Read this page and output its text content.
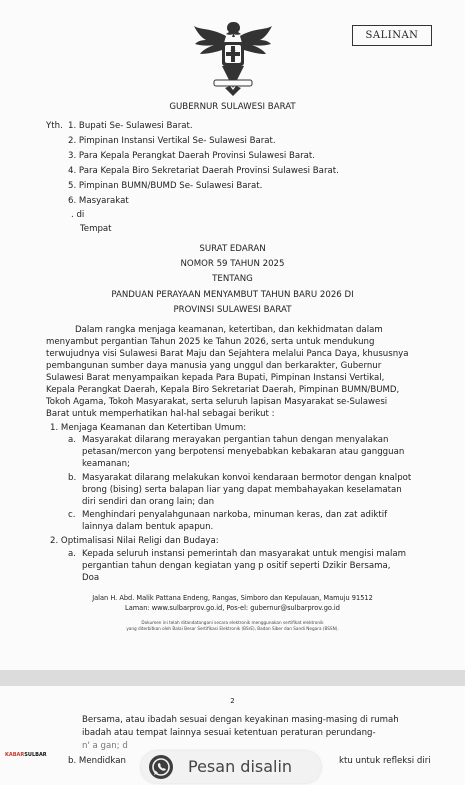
SALINAN
GUBERNUR SULAWESI BARAT
Yth. 1. Bupati Se- Sulawesi Barat.
2. Pimpinan Instansi Vertikal Se- Sulawesi Barat.
3. Para Kepala Perangkat Daerah Provinsi Sulawesi Barat.
4. Para Kepala Biro Sekretariat Daerah Provinsi Sulawesi Barat.
5. Pimpinan BUMN/BUMD Se- Sulawesi Barat.
6. Masyarakat
. di
Tempat
SURAT EDARAN
NOMOR 59 TAHUN 2025
TENTANG
PANDUAN PERAYAAN MENYAMBUT TAHUN BARU 2026 DI
PROVINSI SULAWESI BARAT
Dalam rangka menjaga keamanan, ketertiban, dan kekhidmatan dalam
menyambut pergantian Tahun 2025 ke Tahun 2026, serta untuk mendukung
terwujudnya visi Sulawesi Barat Maju dan Sejahtera melalui Panca Daya, khususnya
pembangunan sumber daya manusia yang unggul dan berkarakter, Gubernur
Sulawesi Barat menyampaikan kepada Para Bupati, Pimpinan Instansi Vertikal,
Kepala Perangkat Daerah, Kepala Biro Sekretariat Daerah, Pimpinan BUMN/BUMD,
Tokoh Agama, Tokoh Masyarakat, serta seluruh lapisan Masyarakat se-Sulawesi
Barat untuk memperhatikan hal-hal sebagai berikut :
1. Menjaga Keamanan dan Ketertiban Umum:
a. Masyarakat dilarang merayakan pergantian tahun dengan menyalakan
petasan/mercon yang berpotensi menyebabkan kebakaran atau gangguan
keamanan;
b. Masyarakat dilarang melakukan konvoi kendaraan bermotor dengan knalpot
brong (bising) serta balapan liar yang dapat membahayakan keselamatan
diri sendiri dan orang lain; dan
c. Menghindari penyalahgunaan narkoba, minuman keras, dan zat adiktif
lainnya dalam bentuk apapun.
2. Optimalisasi Nilai Religi dan Budaya:
a. Kepada seluruh instansi pemerintah dan masyarakat untuk mengisi malam
pergantian tahun dengan kegiatan yang p ositif seperti Dzikir Bersama,
Doa
Jalan H. Abd. Malik Pattana Endeng, Rangas, Simboro dan Kepulauan, Mamuju 91512
Laman: www.sulbarprov.go.id, Pos-el: gubernur@sulbarprov.go.id
Dokumen ini telah ditandatangani secara elektronik menggunakan sertifikat elektronik
yang diterbitkan oleh Balai Besar Sertifikasi Elektronik (BSrE), Badan Siber dan Sandi Negara (BSSN).
2
Bersama, atau ibadah sesuai dengan keyakinan masing-masing di rumah
ibadah atau tempat lainnya sesuai ketentuan peraturan perundang-
n' a gan; d
b. Mendidkan	ktu untuk refleksi diri
KABARSULBAR
Pesan disalin
